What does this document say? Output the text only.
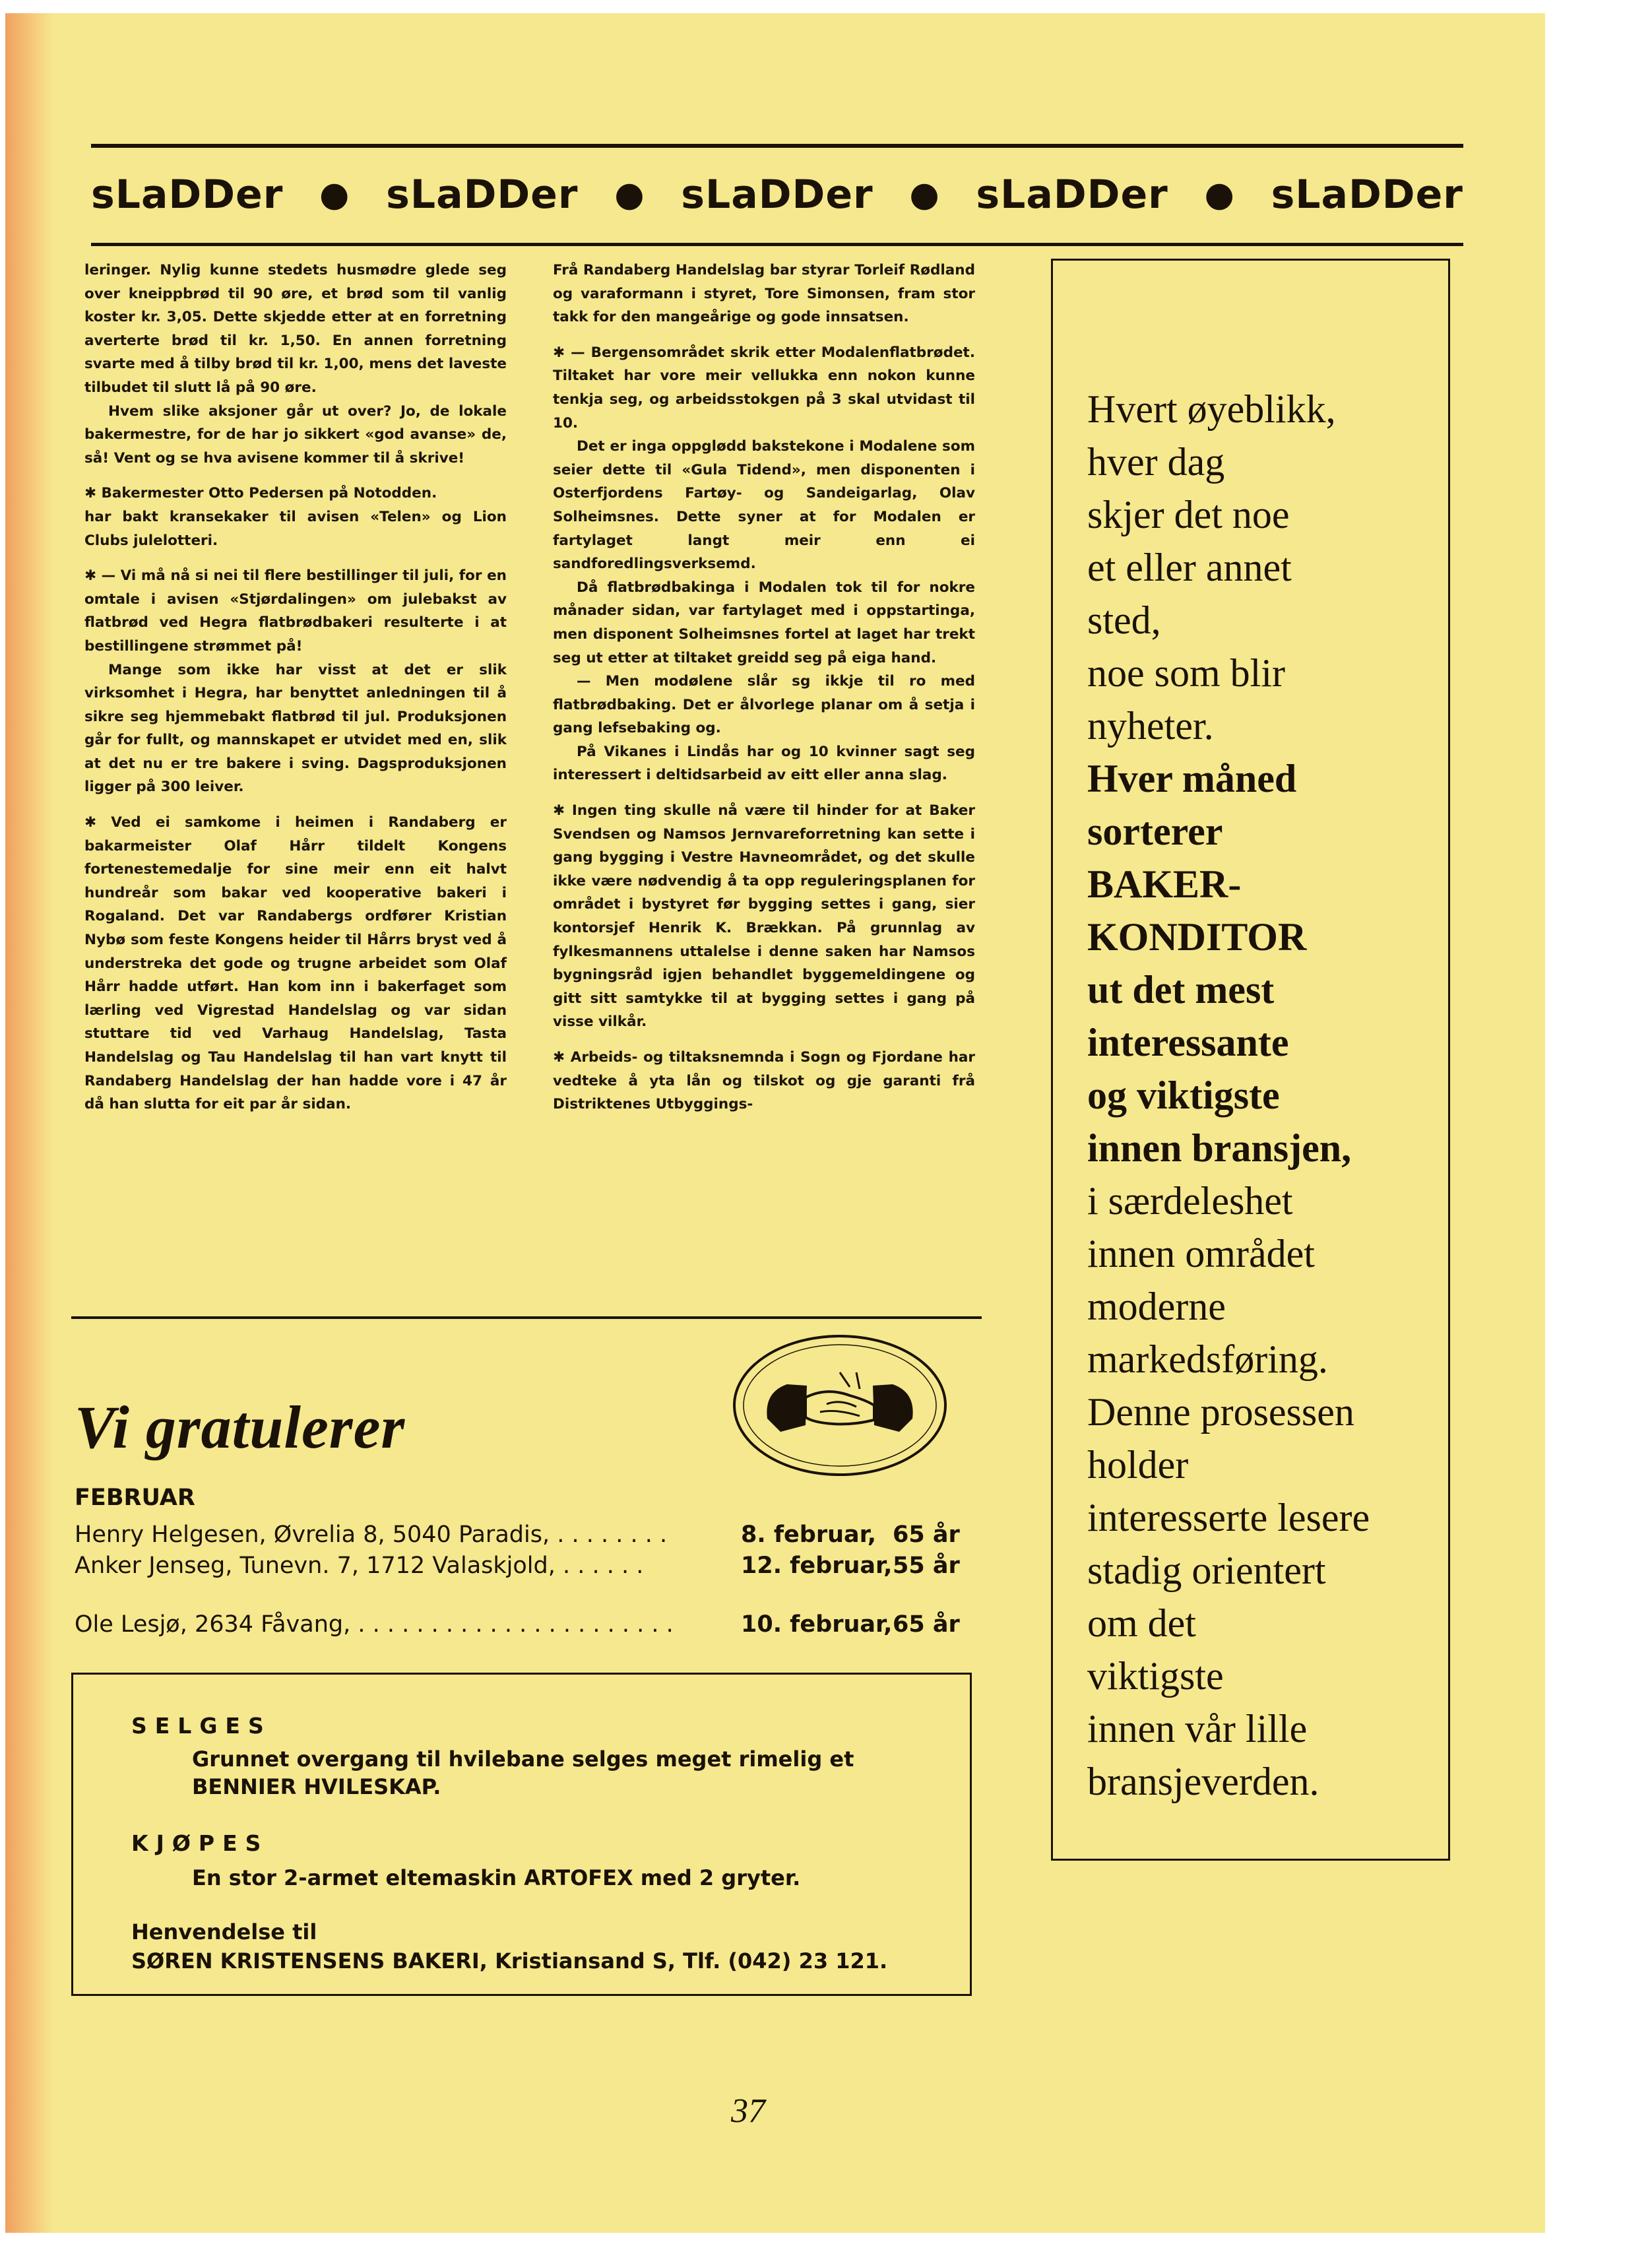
sLaDDer ● sLaDDer ● sLaDDer ● sLaDDer ● sLaDDer

leringer. Nylig kunne stedets husmødre glede seg over kneippbrød til 90 øre, et brød som til vanlig koster kr. 3,05. Dette skjedde etter at en forretning averterte brød til kr. 1,50. En annen forretning svarte med å tilby brød til kr. 1,00, mens det laveste tilbudet til slutt lå på 90 øre.

Hvem slike aksjoner går ut over? Jo, de lokale bakermestre, for de har jo sikkert «god avanse» de, så! Vent og se hva avisene kommer til å skrive!

✱ Bakermester Otto Pedersen på Notodden.

har bakt kransekaker til avisen «Telen» og Lion Clubs julelotteri.

✱ — Vi må nå si nei til flere bestillinger til juli, for en omtale i avisen «Stjørdalingen» om julebakst av flatbrød ved Hegra flatbrødbakeri resulterte i at bestillingene strømmet på!

Mange som ikke har visst at det er slik virksomhet i Hegra, har benyttet anledningen til å sikre seg hjemmebakt flatbrød til jul. Produksjonen går for fullt, og mannskapet er utvidet med en, slik at det nu er tre bakere i sving. Dagsproduksjonen ligger på 300 leiver.

✱ Ved ei samkome i heimen i Randaberg er bakarmeister Olaf Hårr tildelt Kongens fortenestemedalje for sine meir enn eit halvt hundreår som bakar ved kooperative bakeri i Rogaland. Det var Randabergs ordfører Kristian Nybø som feste Kongens heider til Hårrs bryst ved å understreka det gode og trugne arbeidet som Olaf Hårr hadde utført. Han kom inn i bakerfaget som lærling ved Vigrestad Handelslag og var sidan stuttare tid ved Varhaug Handelslag, Tasta Handelslag og Tau Handelslag til han vart knytt til Randaberg Handelslag der han hadde vore i 47 år då han slutta for eit par år sidan.

Frå Randaberg Handelslag bar styrar Torleif Rødland og varaformann i styret, Tore Simonsen, fram stor takk for den mangeårige og gode innsatsen.

✱ — Bergensområdet skrik etter Modalenflatbrødet. Tiltaket har vore meir vellukka enn nokon kunne tenkja seg, og arbeidsstokgen på 3 skal utvidast til 10.

Det er inga oppglødd bakstekone i Modalene som seier dette til «Gula Tidend», men disponenten i Osterfjordens Fartøy- og Sandeigarlag, Olav Solheimsnes. Dette syner at for Modalen er fartylaget langt meir enn ei sandforedlingsverksemd.

Då flatbrødbakinga i Modalen tok til for nokre månader sidan, var fartylaget med i oppstartinga, men disponent Solheimsnes fortel at laget har trekt seg ut etter at tiltaket greidd seg på eiga hand.

— Men modølene slår sg ikkje til ro med flatbrødbaking. Det er ålvorlege planar om å setja i gang lefsebaking og.

På Vikanes i Lindås har og 10 kvinner sagt seg interessert i deltidsarbeid av eitt eller anna slag.

✱ Ingen ting skulle nå være til hinder for at Baker Svendsen og Namsos Jernvareforretning kan sette i gang bygging i Vestre Havneområdet, og det skulle ikke være nødvendig å ta opp reguleringsplanen for området i bystyret før bygging settes i gang, sier kontorsjef Henrik K. Brækkan. På grunnlag av fylkesmannens uttalelse i denne saken har Namsos bygningsråd igjen behandlet byggemeldingene og gitt sitt samtykke til at bygging settes i gang på visse vilkår.

✱ Arbeids- og tiltaksnemnda i Sogn og Fjordane har vedteke å yta lån og tilskot og gje garanti frå Distriktenes Utbyggings-

Hvert øyeblikk,
hver dag
skjer det noe
et eller annet
sted,
noe som blir
nyheter.
Hver måned
sorterer
BAKER-
KONDITOR
ut det mest
interessante
og viktigste
innen bransjen,
i særdeleshet
innen området
moderne
markedsføring.
Denne prosessen
holder
interesserte lesere
stadig orientert
om det
viktigste
innen vår lille
bransjeverden.
Vi gratulerer
FEBRUAR
Henry Helgesen, Øvrelia 8, 5040 Paradis, . . . . . . . .	8. februar, 65 år
Anker Jenseg, Tunevn. 7, 1712 Valaskjold, . . . . . .	12. februar, 55 år
Ole Lesjø, 2634 Fåvang, . . . . . . . . . . . . . . . . . . . . . .	10. februar, 65 år
SELGES
Grunnet overgang til hvilebane selges meget rimelig et
BENNIER HVILESKAP.
KJØPES
En stor 2-armet eltemaskin ARTOFEX med 2 gryter.
Henvendelse til
SØREN KRISTENSENS BAKERI, Kristiansand S, Tlf. (042) 23 121.
37
